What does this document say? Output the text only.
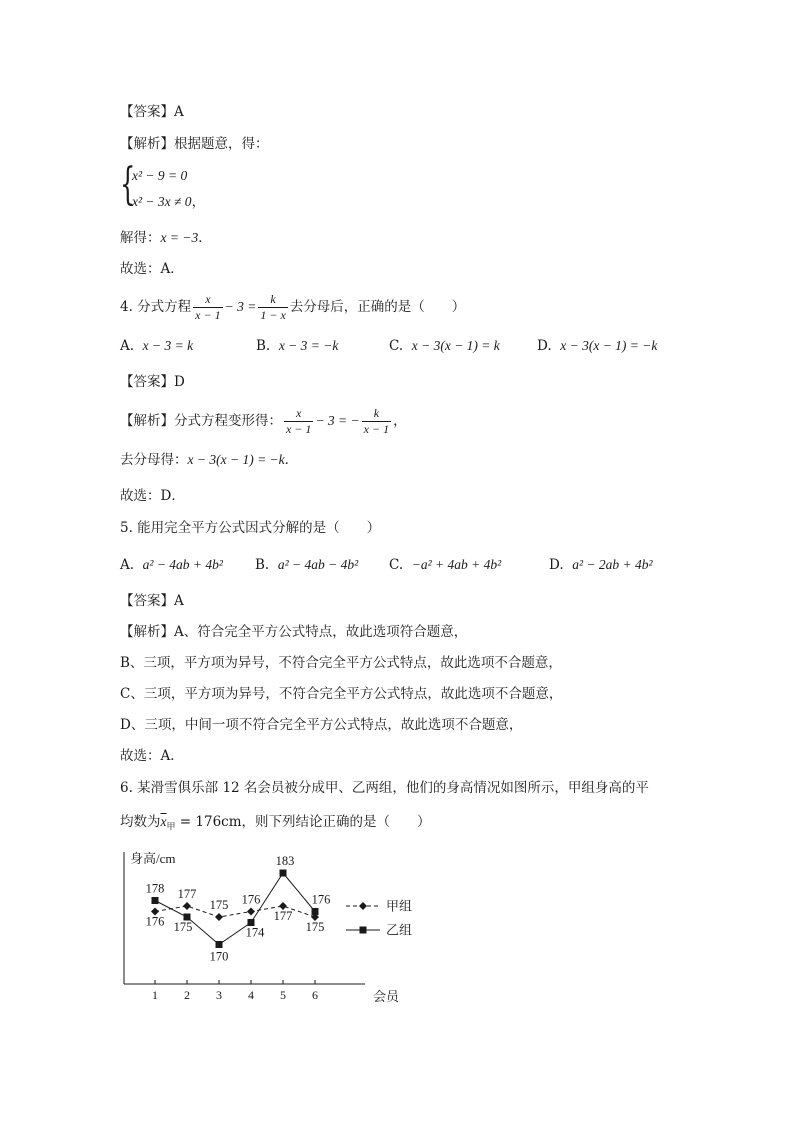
【答案】A
【解析】根据题意，得：
{
x² − 9 = 0
x² − 3x ≠ 0，
解得：x = −3．
故选：A．
4. 分式方程 $\frac{x}{x - 1} - 3 = \frac{k}{1 - x}$ 去分母后，正确的是（　　）
A. x − 3 = k	B. x − 3 = −k	C. x − 3(x − 1) = k	D. x − 3(x − 1) = −k
【答案】D
【解析】分式方程变形得： $\frac{x}{x - 1} - 3$ = − $\frac{k}{x - 1}$ ，
去分母得：x − 3(x − 1) = −k．
故选：D．
5. 能用完全平方公式因式分解的是（　　）
A. a² − 4ab + 4b² B. a² − 4ab − 4b² C. −a² + 4ab + 4b²	D. a² − 2ab + 4b²
【答案】A
【解析】A、符合完全平方公式特点，故此选项符合题意，
B、三项，平方项为异号，不符合完全平方公式特点，故此选项不合题意，
C、三项，平方项为异号，不符合完全平方公式特点，故此选项不合题意，
D、三项，中间一项不符合完全平方公式特点，故此选项不合题意，
故选：A．
6. 某滑雪俱乐部 12 名会员被分成甲、乙两组，他们的身高情况如图所示，甲组身高的平
均数为$\overline{x}_甲 = 176cm$，则下列结论正确的是（　　）
身高/cm
会员
1 2 3 4 5 6
176
177
175 176
177
175
178
175
170
174
183
176	甲组
乙组
